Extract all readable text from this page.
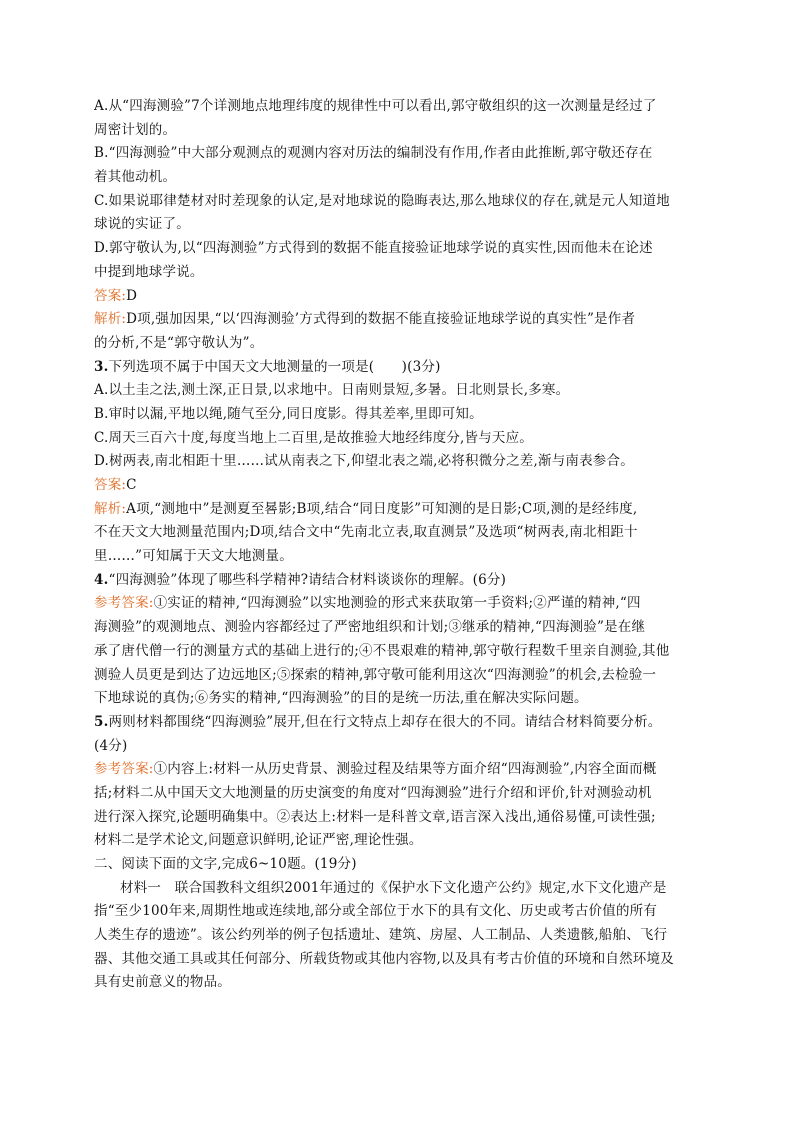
A.从“四海测验”7个详测地点地理纬度的规律性中可以看出,郭守敬组织的这一次测量是经过了
周密计划的。
B.“四海测验”中大部分观测点的观测内容对历法的编制没有作用,作者由此推断,郭守敬还存在
着其他动机。
C.如果说耶律楚材对时差现象的认定,是对地球说的隐晦表达,那么地球仪的存在,就是元人知道地
球说的实证了。
D.郭守敬认为,以“四海测验”方式得到的数据不能直接验证地球学说的真实性,因而他未在论述
中提到地球学说。
答案:D
解析:D项,强加因果,“以‘四海测验’方式得到的数据不能直接验证地球学说的真实性”是作者
的分析,不是“郭守敬认为”。
3.下列选项不属于中国天文大地测量的一项是(　　)(3分)
A.以土圭之法,测土深,正日景,以求地中。日南则景短,多暑。日北则景长,多寒。
B.审时以漏,平地以绳,随气至分,同日度影。得其差率,里即可知。
C.周天三百六十度,每度当地上二百里,是故推验大地经纬度分,皆与天应。
D.树两表,南北相距十里……试从南表之下,仰望北表之端,必将积微分之差,渐与南表参合。
答案:C
解析:A项,“测地中”是测夏至晷影;B项,结合“同日度影”可知测的是日影;C项,测的是经纬度,
不在天文大地测量范围内;D项,结合文中“先南北立表,取直测景”及选项“树两表,南北相距十
里……”可知属于天文大地测量。
4.“四海测验”体现了哪些科学精神?请结合材料谈谈你的理解。(6分)
参考答案:①实证的精神,“四海测验”以实地测验的形式来获取第一手资料;②严谨的精神,“四
海测验”的观测地点、测验内容都经过了严密地组织和计划;③继承的精神,“四海测验”是在继
承了唐代僧一行的测量方式的基础上进行的;④不畏艰难的精神,郭守敬行程数千里亲自测验,其他
测验人员更是到达了边远地区;⑤探索的精神,郭守敬可能利用这次“四海测验”的机会,去检验一
下地球说的真伪;⑥务实的精神,“四海测验”的目的是统一历法,重在解决实际问题。
5.两则材料都围绕“四海测验”展开,但在行文特点上却存在很大的不同。请结合材料简要分析。
(4分)
参考答案:①内容上:材料一从历史背景、测验过程及结果等方面介绍“四海测验”,内容全面而概
括;材料二从中国天文大地测量的历史演变的角度对“四海测验”进行介绍和评价,针对测验动机
进行深入探究,论题明确集中。②表达上:材料一是科普文章,语言深入浅出,通俗易懂,可读性强;
材料二是学术论文,问题意识鲜明,论证严密,理论性强。
二、阅读下面的文字,完成6~10题。(19分)
材料一　联合国教科文组织2001年通过的《保护水下文化遗产公约》规定,水下文化遗产是
指“至少100年来,周期性地或连续地,部分或全部位于水下的具有文化、历史或考古价值的所有
人类生存的遗迹”。该公约列举的例子包括遗址、建筑、房屋、人工制品、人类遗骸,船舶、飞行
器、其他交通工具或其任何部分、所载货物或其他内容物,以及具有考古价值的环境和自然环境及
具有史前意义的物品。
